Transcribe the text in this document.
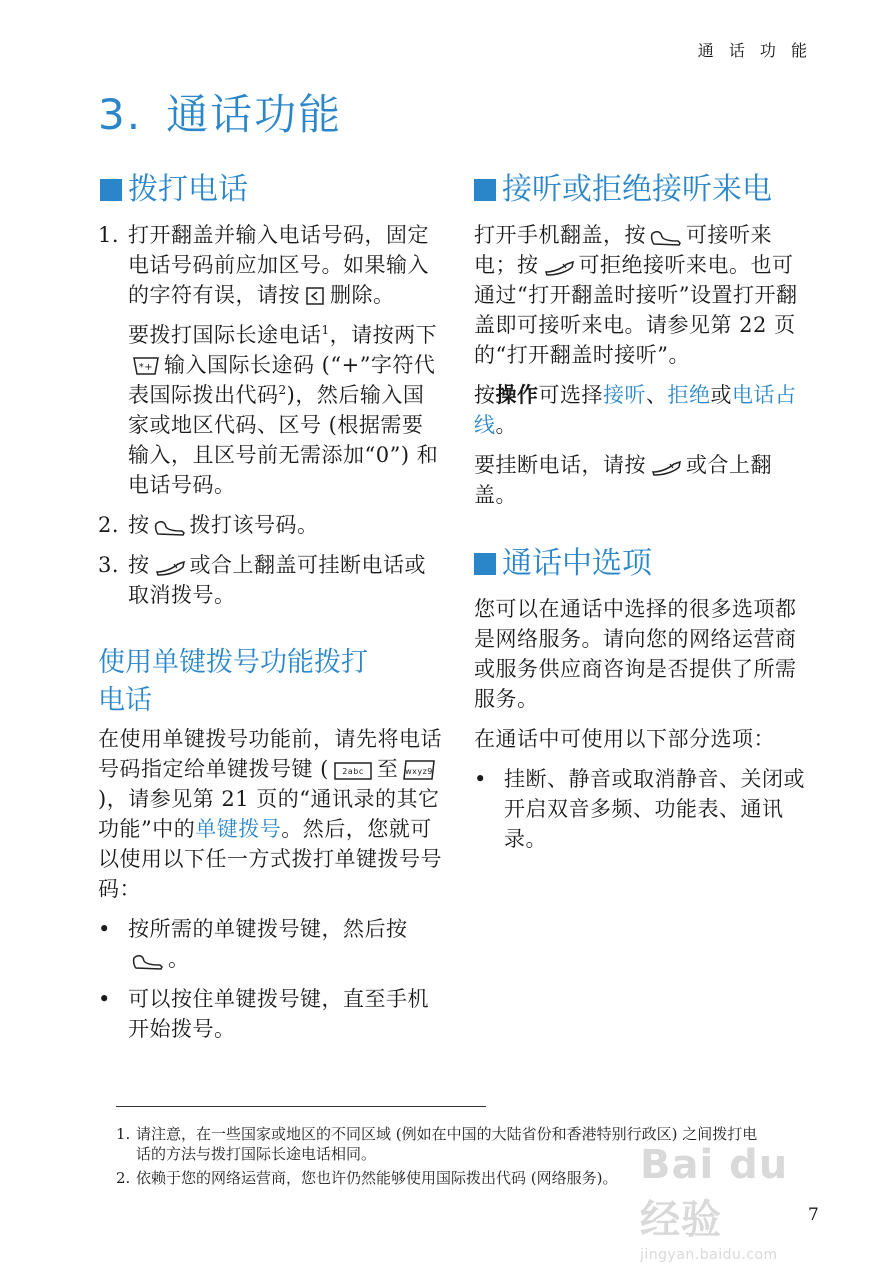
通 话 功 能
3. 通话功能
拨打电话
1. 打开翻盖并输入电话号码，固定电话号码前应加区号。如果输入的字符有误，请按 删除。

要拨打国际长途电话$^1$，请按两下
*+ 输入国际长途码 (“+”字符代表国际拨出代码$^2$)，然后输入国家或地区代码、区号 (根据需要输入，且区号前无需添加“0”) 和电话号码。

2. 按 拨打该号码。

3. 按 或合上翻盖可挂断电话或取消拨号。

使用单键拨号功能拨打
电话

在使用单键拨号功能前，请先将电话号码指定给单键拨号键 ( 2abc 至 wxyz9
)，请参见第 21 页的“通讯录的其它功能”中的单键拨号。然后，您就可以使用以下任一方式拨打单键拨号号码：

• 按所需的单键拨号键，然后按
。

• 可以按住单键拨号键，直至手机开始拨号。

接听或拒绝接听来电

打开手机翻盖，按 可接听来电；按 可拒绝接听来电。也可通过“打开翻盖时接听”设置打开翻盖即可接听来电。请参见第 22 页的“打开翻盖时接听”。

按操作可选择接听、拒绝或电话占线。

要挂断电话，请按 或合上翻盖。

通话中选项

您可以在通话中选择的很多选项都是网络服务。请向您的网络运营商或服务供应商咨询是否提供了所需服务。

在通话中可使用以下部分选项：

• 挂断、静音或取消静音、关闭或开启双音多频、功能表、通讯录。

1. 请注意，在一些国家或地区的不同区域 (例如在中国的大陆省份和香港特别行政区) 之间拨打电话的方法与拨打国际长途电话相同。
2. 依赖于您的网络运营商，您也许仍然能够使用国际拨出代码 (网络服务)。
7
Bai du 经验
jingyan.baidu.com
